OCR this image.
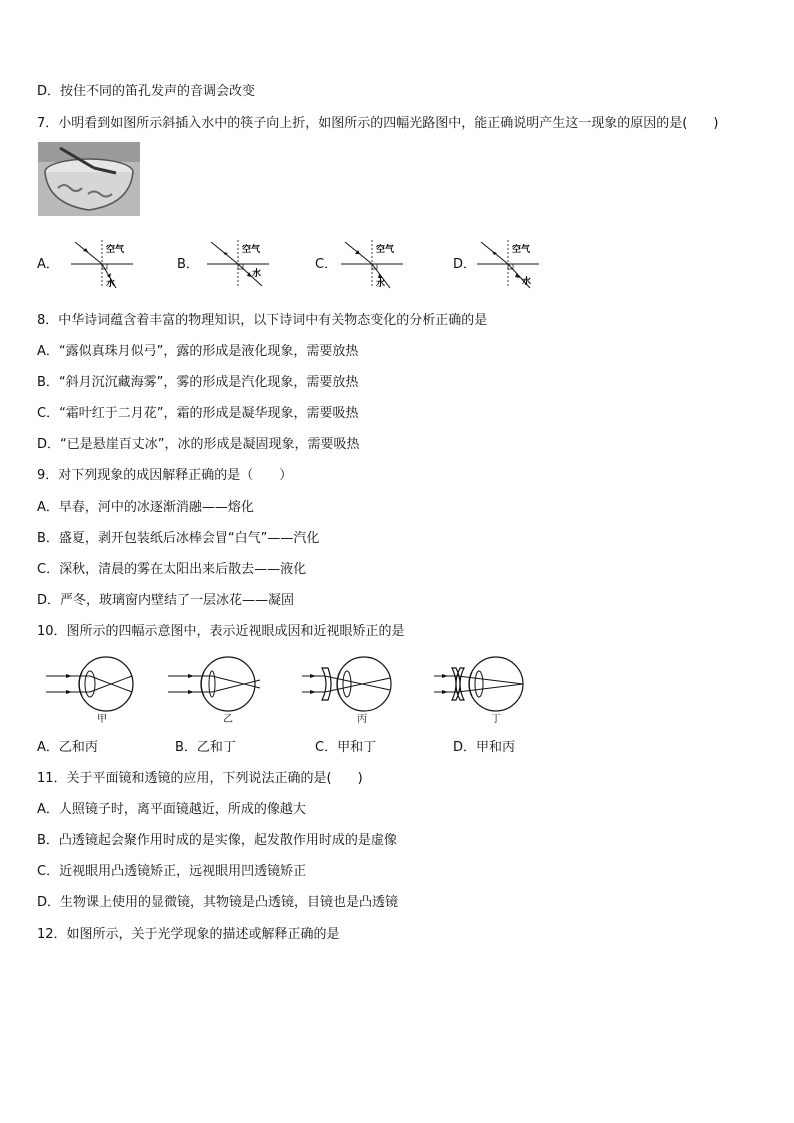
D．按住不同的笛孔发声的音调会改变
7．小明看到如图所示斜插入水中的筷子向上折，如图所示的四幅光路图中，能正确说明产生这一现象的原因的是(　　)
A．
空气
水
B．
空气
水
C．
空气
水
D．
空气
水
8．中华诗词蕴含着丰富的物理知识，以下诗词中有关物态变化的分析正确的是
A．“露似真珠月似弓”，露的形成是液化现象，需要放热
B．“斜月沉沉藏海雾”，雾的形成是汽化现象，需要放热
C．“霜叶红于二月花”，霜的形成是凝华现象，需要吸热
D．“已是悬崖百丈冰”，冰的形成是凝固现象，需要吸热
9．对下列现象的成因解释正确的是（　　）
A．早春，河中的冰逐渐消融——熔化
B．盛夏，剥开包装纸后冰棒会冒“白气”——汽化
C．深秋，清晨的雾在太阳出来后散去——液化
D．严冬，玻璃窗内壁结了一层冰花——凝固
10．图所示的四幅示意图中，表示近视眼成因和近视眼矫正的是
甲	乙	丙	丁
A．乙和丙	B．乙和丁	C．甲和丁	D．甲和丙
11．关于平面镜和透镜的应用，下列说法正确的是(　　)
A．人照镜子时，离平面镜越近，所成的像越大
B．凸透镜起会聚作用时成的是实像，起发散作用时成的是虚像
C．近视眼用凸透镜矫正，远视眼用凹透镜矫正
D．生物课上使用的显微镜，其物镜是凸透镜，目镜也是凸透镜
12．如图所示，关于光学现象的描述或解释正确的是
